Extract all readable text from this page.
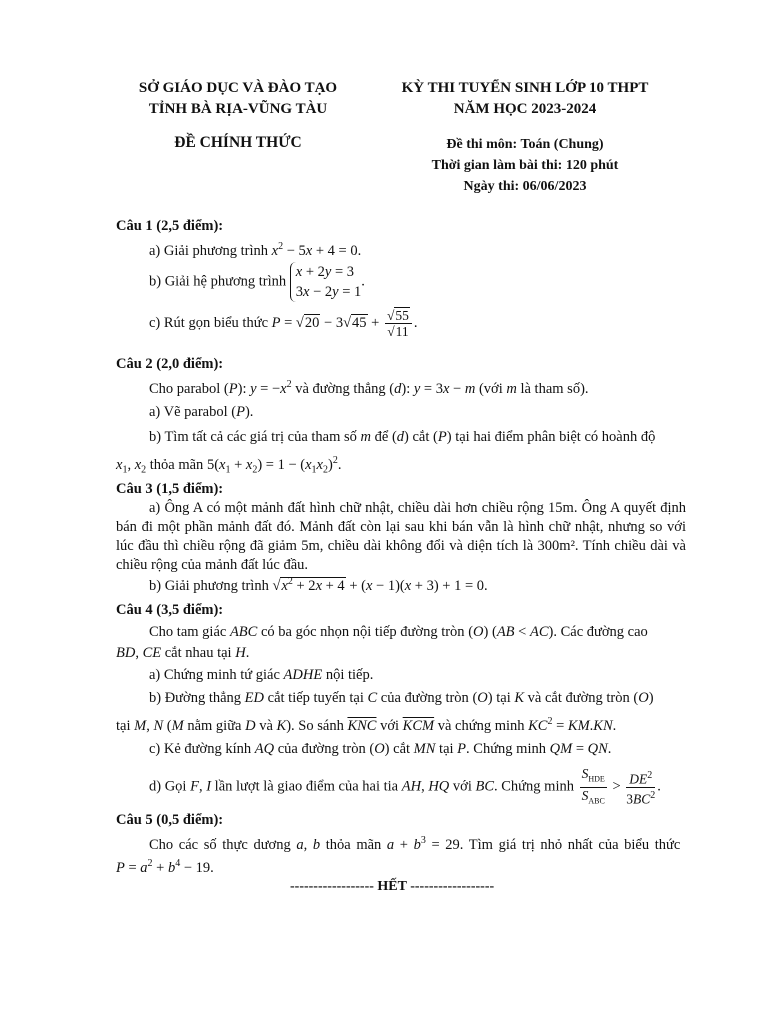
SỞ GIÁO DỤC VÀ ĐÀO TẠO
TỈNH BÀ RỊA-VŨNG TÀU
KỲ THI TUYỂN SINH LỚP 10 THPT
NĂM HỌC 2023-2024
ĐỀ CHÍNH THỨC	Đề thi môn: Toán (Chung)
Thời gian làm bài thi: 120 phút
Ngày thi: 06/06/2023
Câu 1 (2,5 điểm):
a) Giải phương trình $x^2 - 5x + 4 = 0$.
b) Giải hệ phương trình x + 2y = 3
3x − 2y = 1.
c) Rút gọn biểu thức $P = √20 - 3√45 + \frac{√55}{√11}$ .
Câu 2 (2,0 điểm):
Cho parabol (P): $y = -x^2$ và đường thẳng (d): y = 3x − m (với m là tham số).
a) Vẽ parabol (P).
b) Tìm tất cả các giá trị của tham số m để (d) cắt (P) tại hai điểm phân biệt có hoành độ
$x_1$, $x_2$ thỏa mãn $5(x_1 + x_2) = 1 - (x_1x_2)^2$.
Câu 3 (1,5 điểm):
a) Ông A có một mảnh đất hình chữ nhật, chiều dài hơn chiều rộng 15m. Ông A quyết định bán đi một phần mảnh đất đó. Mảnh đất còn lại sau khi bán vẫn là hình chữ nhật, nhưng so với lúc đầu thì chiều rộng đã giảm 5m, chiều dài không đổi và diện tích là 300m². Tính chiều dài và chiều rộng của mảnh đất lúc đầu.
b) Giải phương trình $√x^2 + 2x + 4 + (x - 1)(x + 3) + 1 = 0$.
Câu 4 (3,5 điểm):
Cho tam giác ABC có ba góc nhọn nội tiếp đường tròn (O) (AB < AC). Các đường cao
BD, CE cắt nhau tại H.
a) Chứng minh tứ giác ADHE nội tiếp.
b) Đường thẳng ED cắt tiếp tuyến tại C của đường tròn (O) tại K và cắt đường tròn (O)
tại M, N (M nằm giữa D và K). So sánh $\overline{KNC}$ với $\overline{KCM}$ và chứng minh $KC^2 = KM.KN$.
c) Kẻ đường kính AQ của đường tròn (O) cắt MN tại P. Chứng minh QM = QN.
d) Gọi F, I lần lượt là giao điểm của hai tia AH, HQ với BC. Chứng minh $\frac{S_{HDE}}{S_{ABC}} > \frac{DE^2}{3BC^2}$ .
Câu 5 (0,5 điểm):
Cho các số thực dương a, b thỏa mãn $a + b^3 = 29$. Tìm giá trị nhỏ nhất của biểu thức
$P = a^2 + b^4 - 19$.
------------------ HẾT ------------------
